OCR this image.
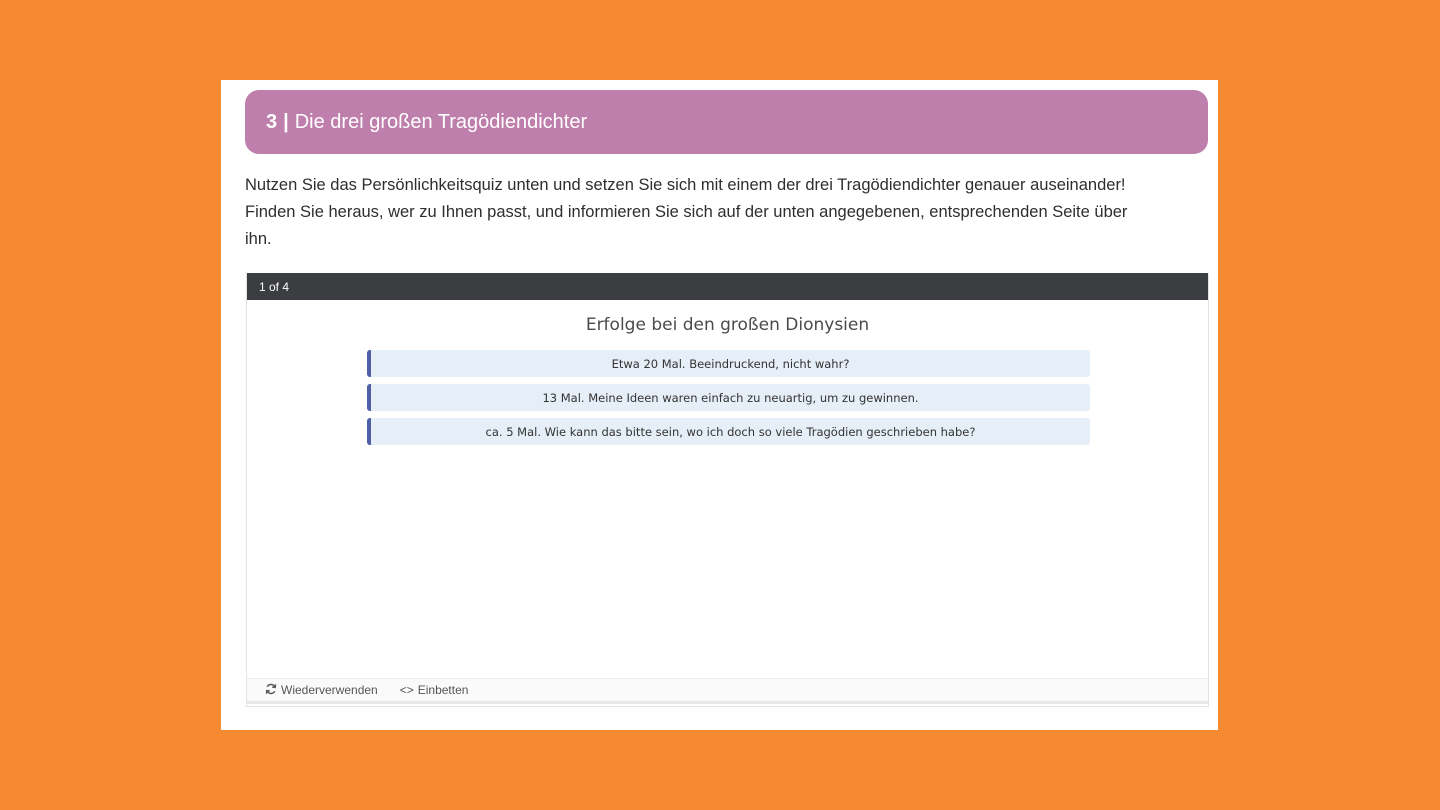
3 | Die drei großen Tragödiendichter

Nutzen Sie das Persönlichkeitsquiz unten und setzen Sie sich mit einem der drei Tragödiendichter genauer auseinander! Finden Sie heraus, wer zu Ihnen passt, und informieren Sie sich auf der unten angegebenen, entsprechenden Seite über ihn.

1 of 4
Erfolge bei den großen Dionysien
Etwa 20 Mal. Beeindruckend, nicht wahr?
13 Mal. Meine Ideen waren einfach zu neuartig, um zu gewinnen.
ca. 5 Mal. Wie kann das bitte sein, wo ich doch so viele Tragödien geschrieben habe?
Wiederverwenden <> Einbetten
